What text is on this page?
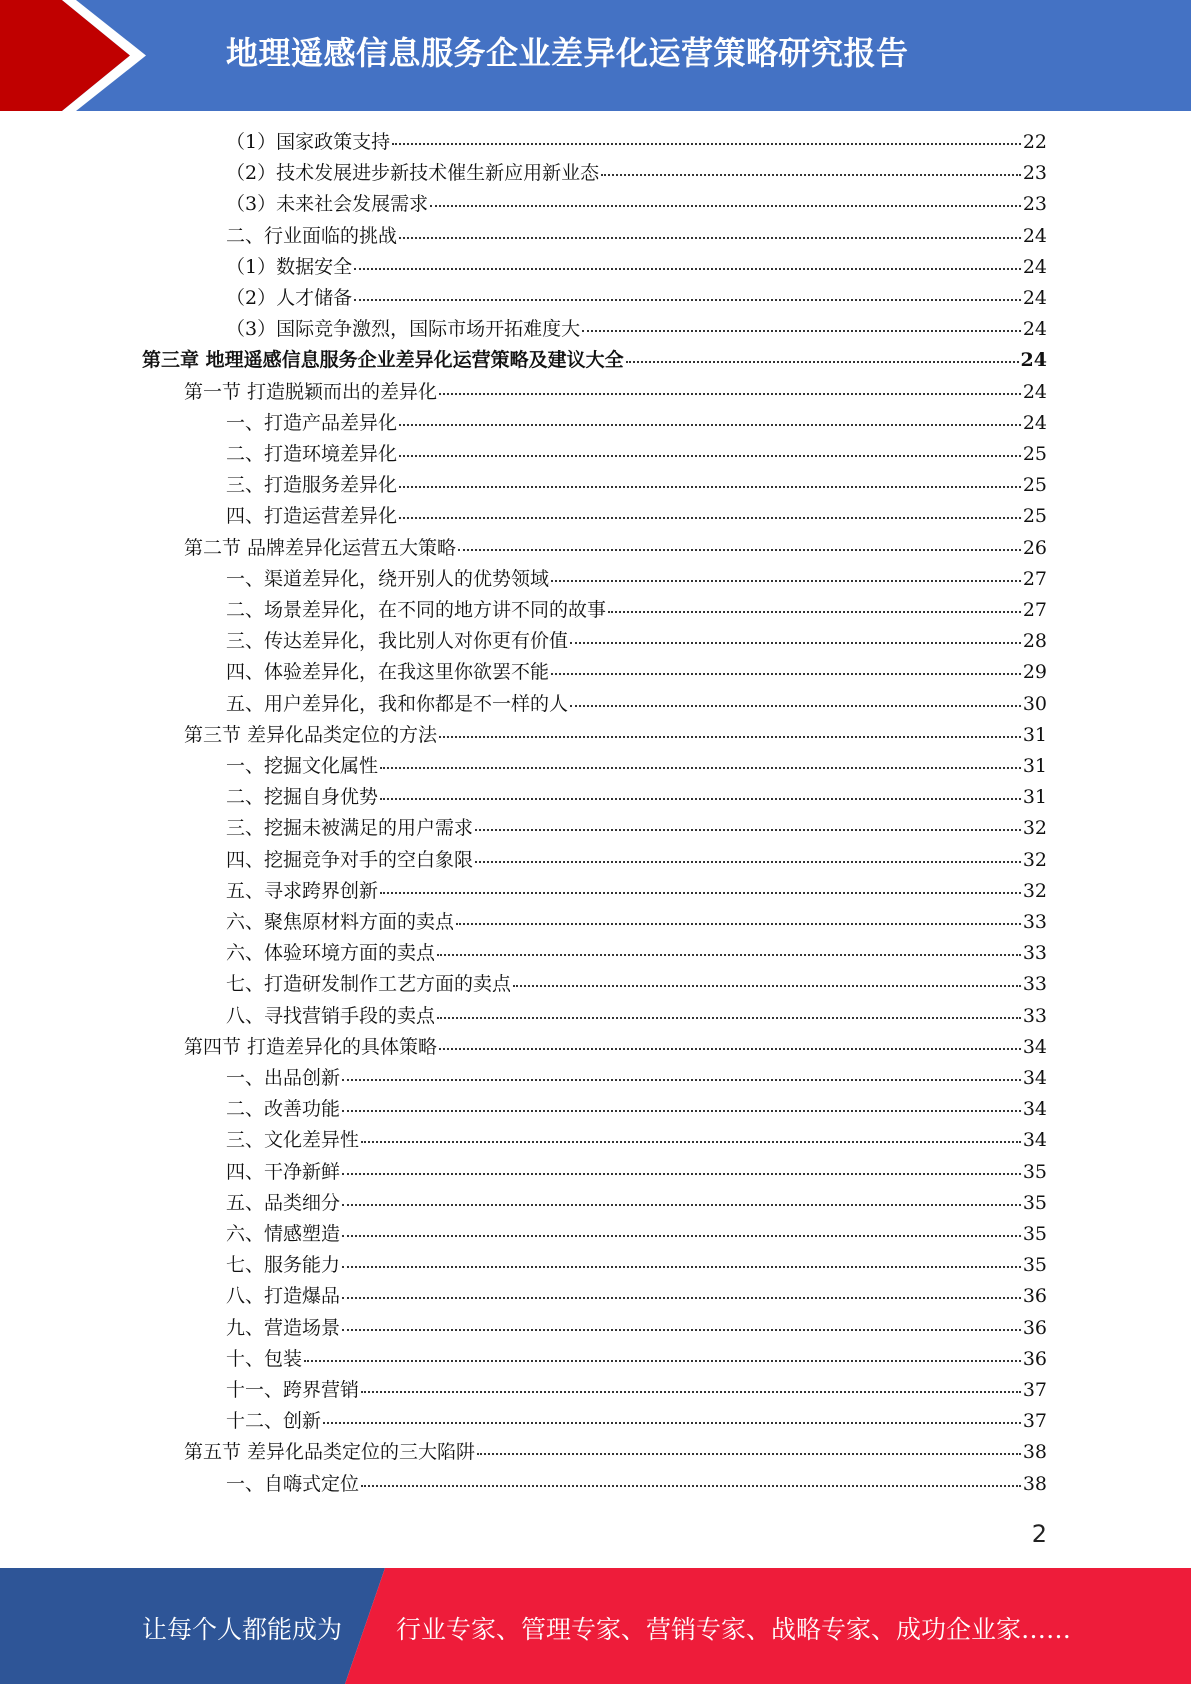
地理遥感信息服务企业差异化运营策略研究报告
（1）国家政策支持	22
（2）技术发展进步新技术催生新应用新业态	23
（3）未来社会发展需求	23
二、行业面临的挑战	24
（1）数据安全	24
（2）人才储备	24
（3）国际竞争激烈，国际市场开拓难度大	24
第三章 地理遥感信息服务企业差异化运营策略及建议大全	24
第一节 打造脱颖而出的差异化	24
一、打造产品差异化	24
二、打造环境差异化	25
三、打造服务差异化	25
四、打造运营差异化	25
第二节 品牌差异化运营五大策略	26
一、渠道差异化，绕开别人的优势领域	27
二、场景差异化，在不同的地方讲不同的故事	27
三、传达差异化，我比别人对你更有价值	28
四、体验差异化，在我这里你欲罢不能	29
五、用户差异化，我和你都是不一样的人	30
第三节 差异化品类定位的方法	31
一、挖掘文化属性	31
二、挖掘自身优势	31
三、挖掘未被满足的用户需求	32
四、挖掘竞争对手的空白象限	32
五、寻求跨界创新	32
六、聚焦原材料方面的卖点	33
六、体验环境方面的卖点	33
七、打造研发制作工艺方面的卖点	33
八、寻找营销手段的卖点	33
第四节 打造差异化的具体策略	34
一、出品创新	34
二、改善功能	34
三、文化差异性	34
四、干净新鲜	35
五、品类细分	35
六、情感塑造	35
七、服务能力	35
八、打造爆品	36
九、营造场景	36
十、包装	36
十一、跨界营销	37
十二、创新	37
第五节 差异化品类定位的三大陷阱	38
一、自嗨式定位	38
2
让每个人都能成为 行业专家、管理专家、营销专家、战略专家、成功企业家……
